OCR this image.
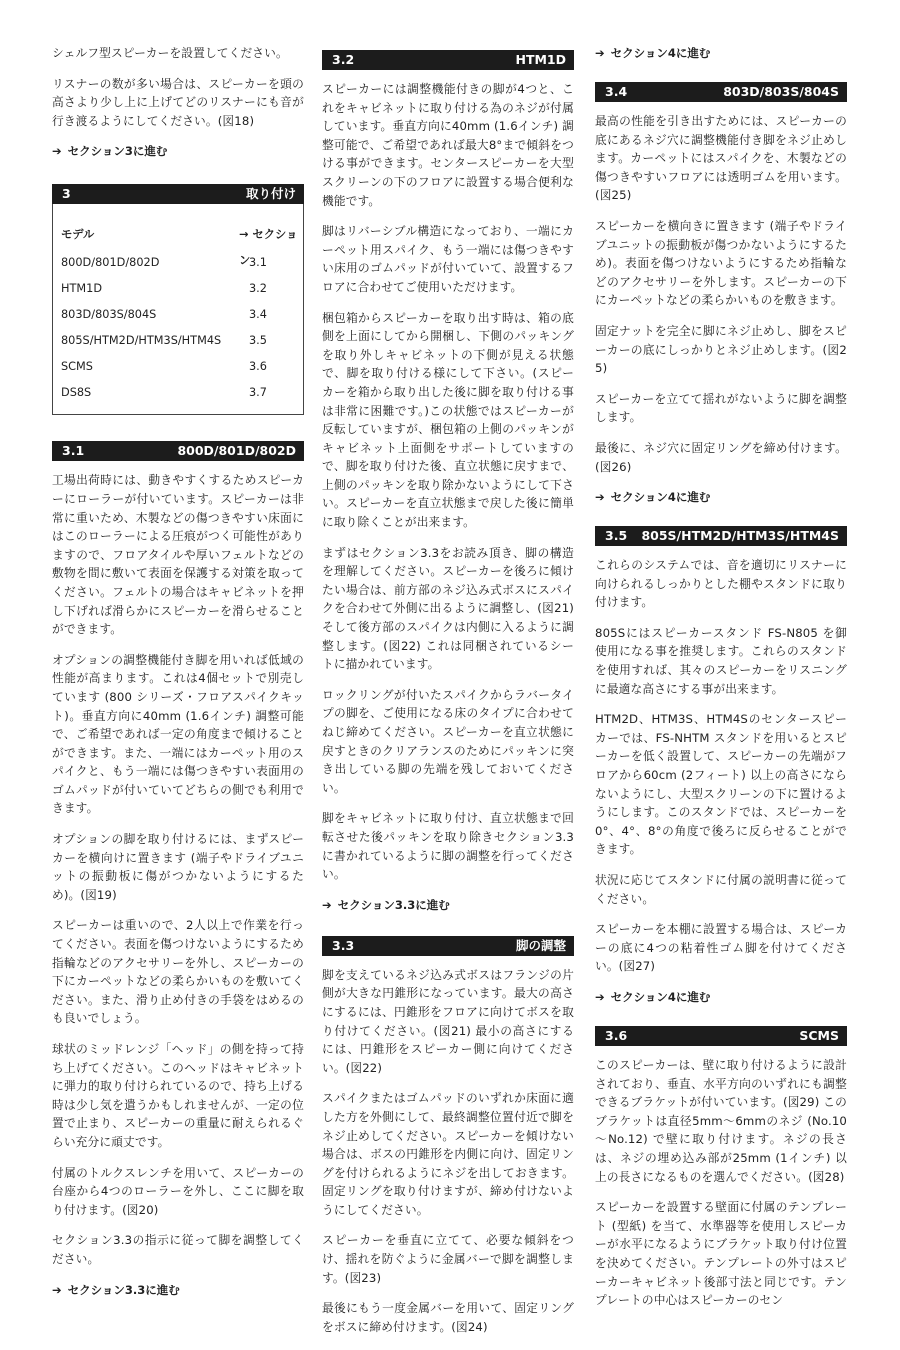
シェルフ型スピーカーを設置してください。

リスナーの数が多い場合は、スピーカーを頭の高さより少し上に上げてどのリスナーにも音が行き渡るようにしてください。(図18)

➔ セクション3に進む
3	取り付け
モデル	→ セクション
800D/801D/802D	3.1
HTM1D	3.2
803D/803S/804S	3.4
805S/HTM2D/HTM3S/HTM4S	3.5
SCMS	3.6
DS8S	3.7
3.1	800D/801D/802D

工場出荷時には、動きやすくするためスピーカーにローラーが付いています。スピーカーは非常に重いため、木製などの傷つきやすい床面にはこのローラーによる圧痕がつく可能性がありますので、フロアタイルや厚いフェルトなどの敷物を間に敷いて表面を保護する対策を取ってください。フェルトの場合はキャビネットを押し下げれば滑らかにスピーカーを滑らせることができます。

オプションの調整機能付き脚を用いれば低域の性能が高まります。これは4個セットで別売しています (800 シリーズ・フロアスパイクキット)。垂直方向に40mm (1.6インチ) 調整可能で、ご希望であれば一定の角度まで傾けることができます。また、一端にはカーペット用のスパイクと、もう一端には傷つきやすい表面用のゴムパッドが付いていてどちらの側でも利用できます。

オプションの脚を取り付けるには、まずスピーカーを横向けに置きます (端子やドライブユニットの振動板に傷がつかないようにするため)。(図19)

スピーカーは重いので、2人以上で作業を行ってください。表面を傷つけないようにするため指輪などのアクセサリーを外し、スピーカーの下にカーペットなどの柔らかいものを敷いてください。また、滑り止め付きの手袋をはめるのも良いでしょう。

球状のミッドレンジ「ヘッド」の側を持って持ち上げてください。このヘッドはキャビネットに弾力的取り付けられているので、持ち上げる時は少し気を遣うかもしれませんが、一定の位置で止まり、スピーカーの重量に耐えられるぐらい充分に頑丈です。

付属のトルクスレンチを用いて、スピーカーの台座から4つのローラーを外し、ここに脚を取り付けます。(図20)

セクション3.3の指示に従って脚を調整してください。

➔ セクション3.3に進む
3.2	HTM1D

スピーカーには調整機能付きの脚が4つと、これをキャビネットに取り付ける為のネジが付属しています。垂直方向に40mm (1.6インチ) 調整可能で、ご希望であれば最大8°まで傾斜をつける事ができます。センタースピーカーを大型スクリーンの下のフロアに設置する場合便利な機能です。

脚はリバーシブル構造になっており、一端にカーペット用スパイク、もう一端には傷つきやすい床用のゴムパッドが付いていて、設置するフロアに合わせてご使用いただけます。

梱包箱からスピーカーを取り出す時は、箱の底側を上面にしてから開梱し、下側のパッキングを取り外しキャビネットの下側が見える状態で、脚を取り付ける様にして下さい。(スピーカーを箱から取り出した後に脚を取り付ける事は非常に困難です。)この状態ではスピーカーが反転していますが、梱包箱の上側のパッキンがキャビネット上面側をサポートしていますので、脚を取り付けた後、直立状態に戻すまで、上側のパッキンを取り除かないようにして下さい。スピーカーを直立状態まで戻した後に簡単に取り除くことが出来ます。

まずはセクション3.3をお読み頂き、脚の構造を理解してください。スピーカーを後ろに傾けたい場合は、前方部のネジ込み式ボスにスパイクを合わせて外側に出るように調整し、(図21) そして後方部のスパイクは内側に入るように調整します。(図22) これは同梱されているシートに描かれています。

ロックリングが付いたスパイクからラバータイプの脚を、ご使用になる床のタイプに合わせてねじ締めてください。スピーカーを直立状態に戻すときのクリアランスのためにパッキンに突き出している脚の先端を残しておいてください。

脚をキャビネットに取り付け、直立状態まで回転させた後パッキンを取り除きセクション3.3に書かれているように脚の調整を行ってください。

➔ セクション3.3に進む
3.3	脚の調整

脚を支えているネジ込み式ボスはフランジの片側が大きな円錐形になっています。最大の高さにするには、円錐形をフロアに向けてボスを取り付けてください。(図21) 最小の高さにするには、円錐形をスピーカー側に向けてください。(図22)

スパイクまたはゴムパッドのいずれか床面に適した方を外側にして、最終調整位置付近で脚をネジ止めしてください。スピーカーを傾けない場合は、ボスの円錐形を内側に向け、固定リングを付けられるようにネジを出しておきます。固定リングを取り付けますが、締め付けないようにしてください。

スピーカーを垂直に立てて、必要な傾斜をつけ、揺れを防ぐように金属バーで脚を調整します。(図23)

最後にもう一度金属バーを用いて、固定リングをボスに締め付けます。(図24)

➔ セクション4に進む
3.4	803D/803S/804S

最高の性能を引き出すためには、スピーカーの底にあるネジ穴に調整機能付き脚をネジ止めします。カーペットにはスパイクを、木製などの傷つきやすいフロアには透明ゴムを用います。(図25)

スピーカーを横向きに置きます (端子やドライブユニットの振動板が傷つかないようにするため)。表面を傷つけないようにするため指輪などのアクセサリーを外します。スピーカーの下にカーペットなどの柔らかいものを敷きます。

固定ナットを完全に脚にネジ止めし、脚をスピーカーの底にしっかりとネジ止めします。(図25)

スピーカーを立てて揺れがないように脚を調整します。

最後に、ネジ穴に固定リングを締め付けます。(図26)

➔ セクション4に進む
3.5 805S/HTM2D/HTM3S/HTM4S

これらのシステムでは、音を適切にリスナーに向けられるしっかりとした棚やスタンドに取り付けます。

805Sにはスピーカースタンド FS-N805 を御使用になる事を推奨します。これらのスタンドを使用すれば、其々のスピーカーをリスニングに最適な高さにする事が出来ます。

HTM2D、HTM3S、HTM4Sのセンタースピーカーでは、FS-NHTM スタンドを用いるとスピーカーを低く設置して、スピーカーの先端がフロアから60cm (2フィート) 以上の高さにならないようにし、大型スクリーンの下に置けるようにします。このスタンドでは、スピーカーを0°、4°、8°の角度で後ろに反らせることができます。

状況に応じてスタンドに付属の説明書に従ってください。

スピーカーを本棚に設置する場合は、スピーカーの底に4つの粘着性ゴム脚を付けてください。(図27)

➔ セクション4に進む
3.6	SCMS

このスピーカーは、壁に取り付けるように設計されており、垂直、水平方向のいずれにも調整できるブラケットが付いています。(図29) このブラケットは直径5mm～6mmのネジ (No.10～No.12) で壁に取り付けます。ネジの長さは、ネジの埋め込み部が25mm (1インチ) 以上の長さになるものを選んでください。(図28)

スピーカーを設置する壁面に付属のテンプレート (型紙) を当て、水準器等を使用しスピーカーが水平になるようにブラケット取り付け位置を決めてください。テンプレートの外寸はスピーカーキャビネット後部寸法と同じです。テンプレートの中心はスピーカーのセン
